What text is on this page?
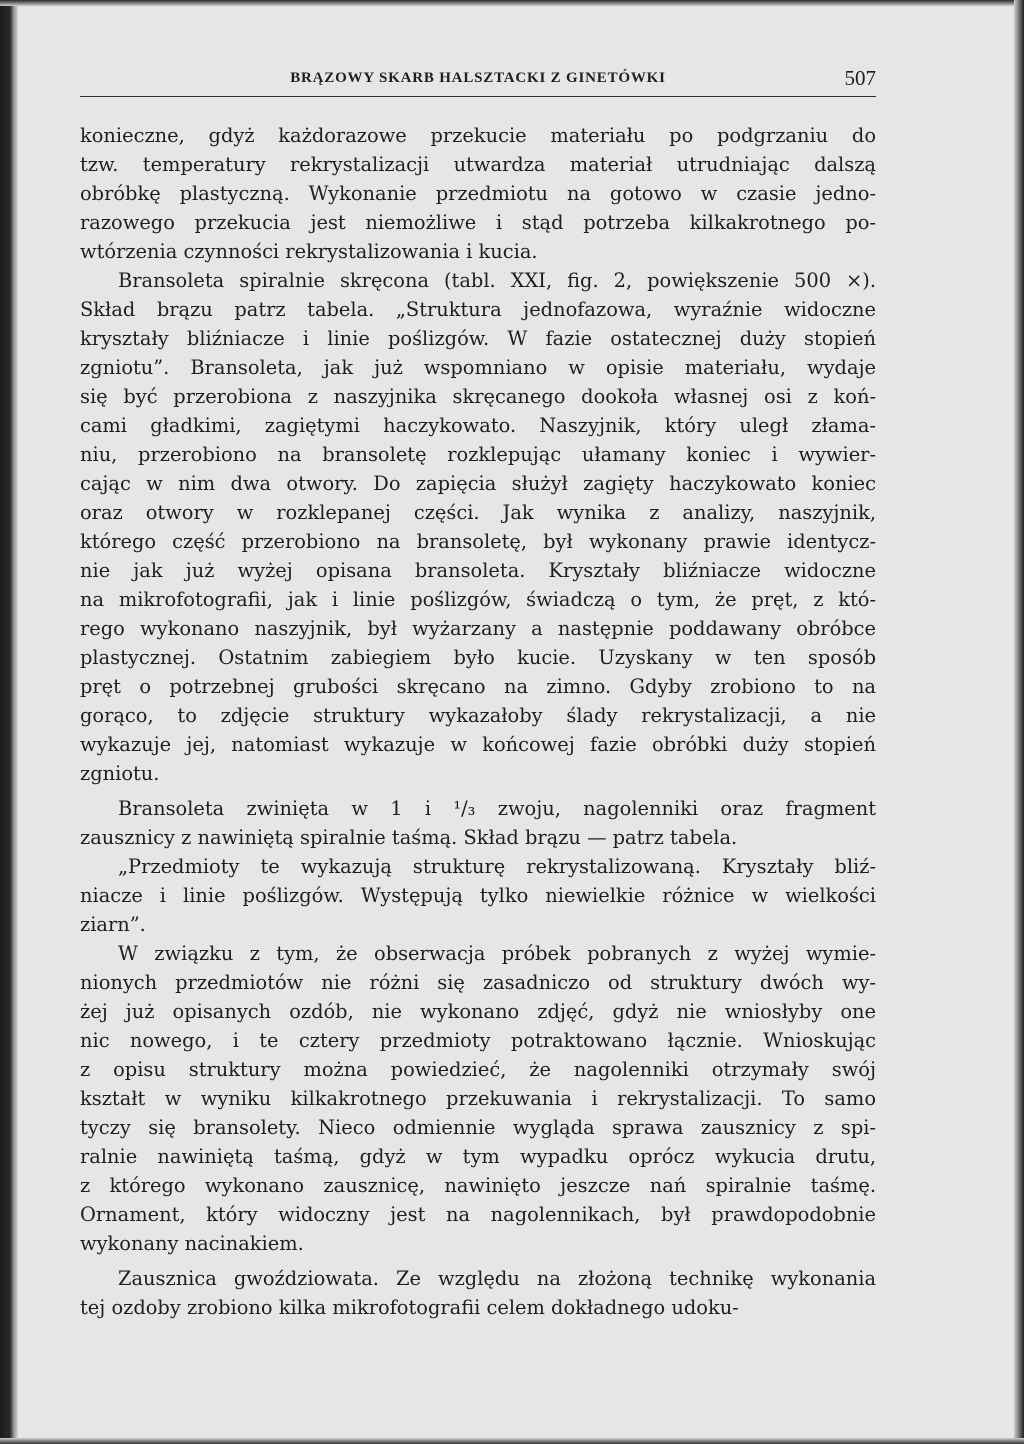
BRĄZOWY SKARB HALSZTACKI Z GINETÓWKI	507
konieczne, gdyż każdorazowe przekucie materiału po podgrzaniu do
tzw. temperatury rekrystalizacji utwardza materiał utrudniając dalszą
obróbkę plastyczną. Wykonanie przedmiotu na gotowo w czasie jedno-
razowego przekucia jest niemożliwe i stąd potrzeba kilkakrotnego po-
wtórzenia czynności rekrystalizowania i kucia.
Bransoleta spiralnie skręcona (tabl. XXI, fig. 2, powiększenie 500 ×).
Skład brązu patrz tabela. „Struktura jednofazowa, wyraźnie widoczne
kryształy bliźniacze i linie poślizgów. W fazie ostatecznej duży stopień
zgniotu”. Bransoleta, jak już wspomniano w opisie materiału, wydaje
się być przerobiona z naszyjnika skręcanego dookoła własnej osi z koń-
cami gładkimi, zagiętymi haczykowato. Naszyjnik, który uległ złama-
niu, przerobiono na bransoletę rozklepując ułamany koniec i wywier-
cając w nim dwa otwory. Do zapięcia służył zagięty haczykowato koniec
oraz otwory w rozklepanej części. Jak wynika z analizy, naszyjnik,
którego część przerobiono na bransoletę, był wykonany prawie identycz-
nie jak już wyżej opisana bransoleta. Kryształy bliźniacze widoczne
na mikrofotografii, jak i linie poślizgów, świadczą o tym, że pręt, z któ-
rego wykonano naszyjnik, był wyżarzany a następnie poddawany obróbce
plastycznej. Ostatnim zabiegiem było kucie. Uzyskany w ten sposób
pręt o potrzebnej grubości skręcano na zimno. Gdyby zrobiono to na
gorąco, to zdjęcie struktury wykazałoby ślady rekrystalizacji, a nie
wykazuje jej, natomiast wykazuje w końcowej fazie obróbki duży stopień
zgniotu.
Bransoleta zwinięta w 1 i ¹/₃ zwoju, nagolenniki oraz fragment
zausznicy z nawiniętą spiralnie taśmą. Skład brązu — patrz tabela.
„Przedmioty te wykazują strukturę rekrystalizowaną. Kryształy bliź-
niacze i linie poślizgów. Występują tylko niewielkie różnice w wielkości
ziarn”.
W związku z tym, że obserwacja próbek pobranych z wyżej wymie-
nionych przedmiotów nie różni się zasadniczo od struktury dwóch wy-
żej już opisanych ozdób, nie wykonano zdjęć, gdyż nie wniosłyby one
nic nowego, i te cztery przedmioty potraktowano łącznie. Wnioskując
z opisu struktury można powiedzieć, że nagolenniki otrzymały swój
kształt w wyniku kilkakrotnego przekuwania i rekrystalizacji. To samo
tyczy się bransolety. Nieco odmiennie wygląda sprawa zausznicy z spi-
ralnie nawiniętą taśmą, gdyż w tym wypadku oprócz wykucia drutu,
z którego wykonano zausznicę, nawinięto jeszcze nań spiralnie taśmę.
Ornament, który widoczny jest na nagolennikach, był prawdopodobnie
wykonany nacinakiem.
Zausznica gwoździowata. Ze względu na złożoną technikę wykonania
tej ozdoby zrobiono kilka mikrofotografii celem dokładnego udoku-
